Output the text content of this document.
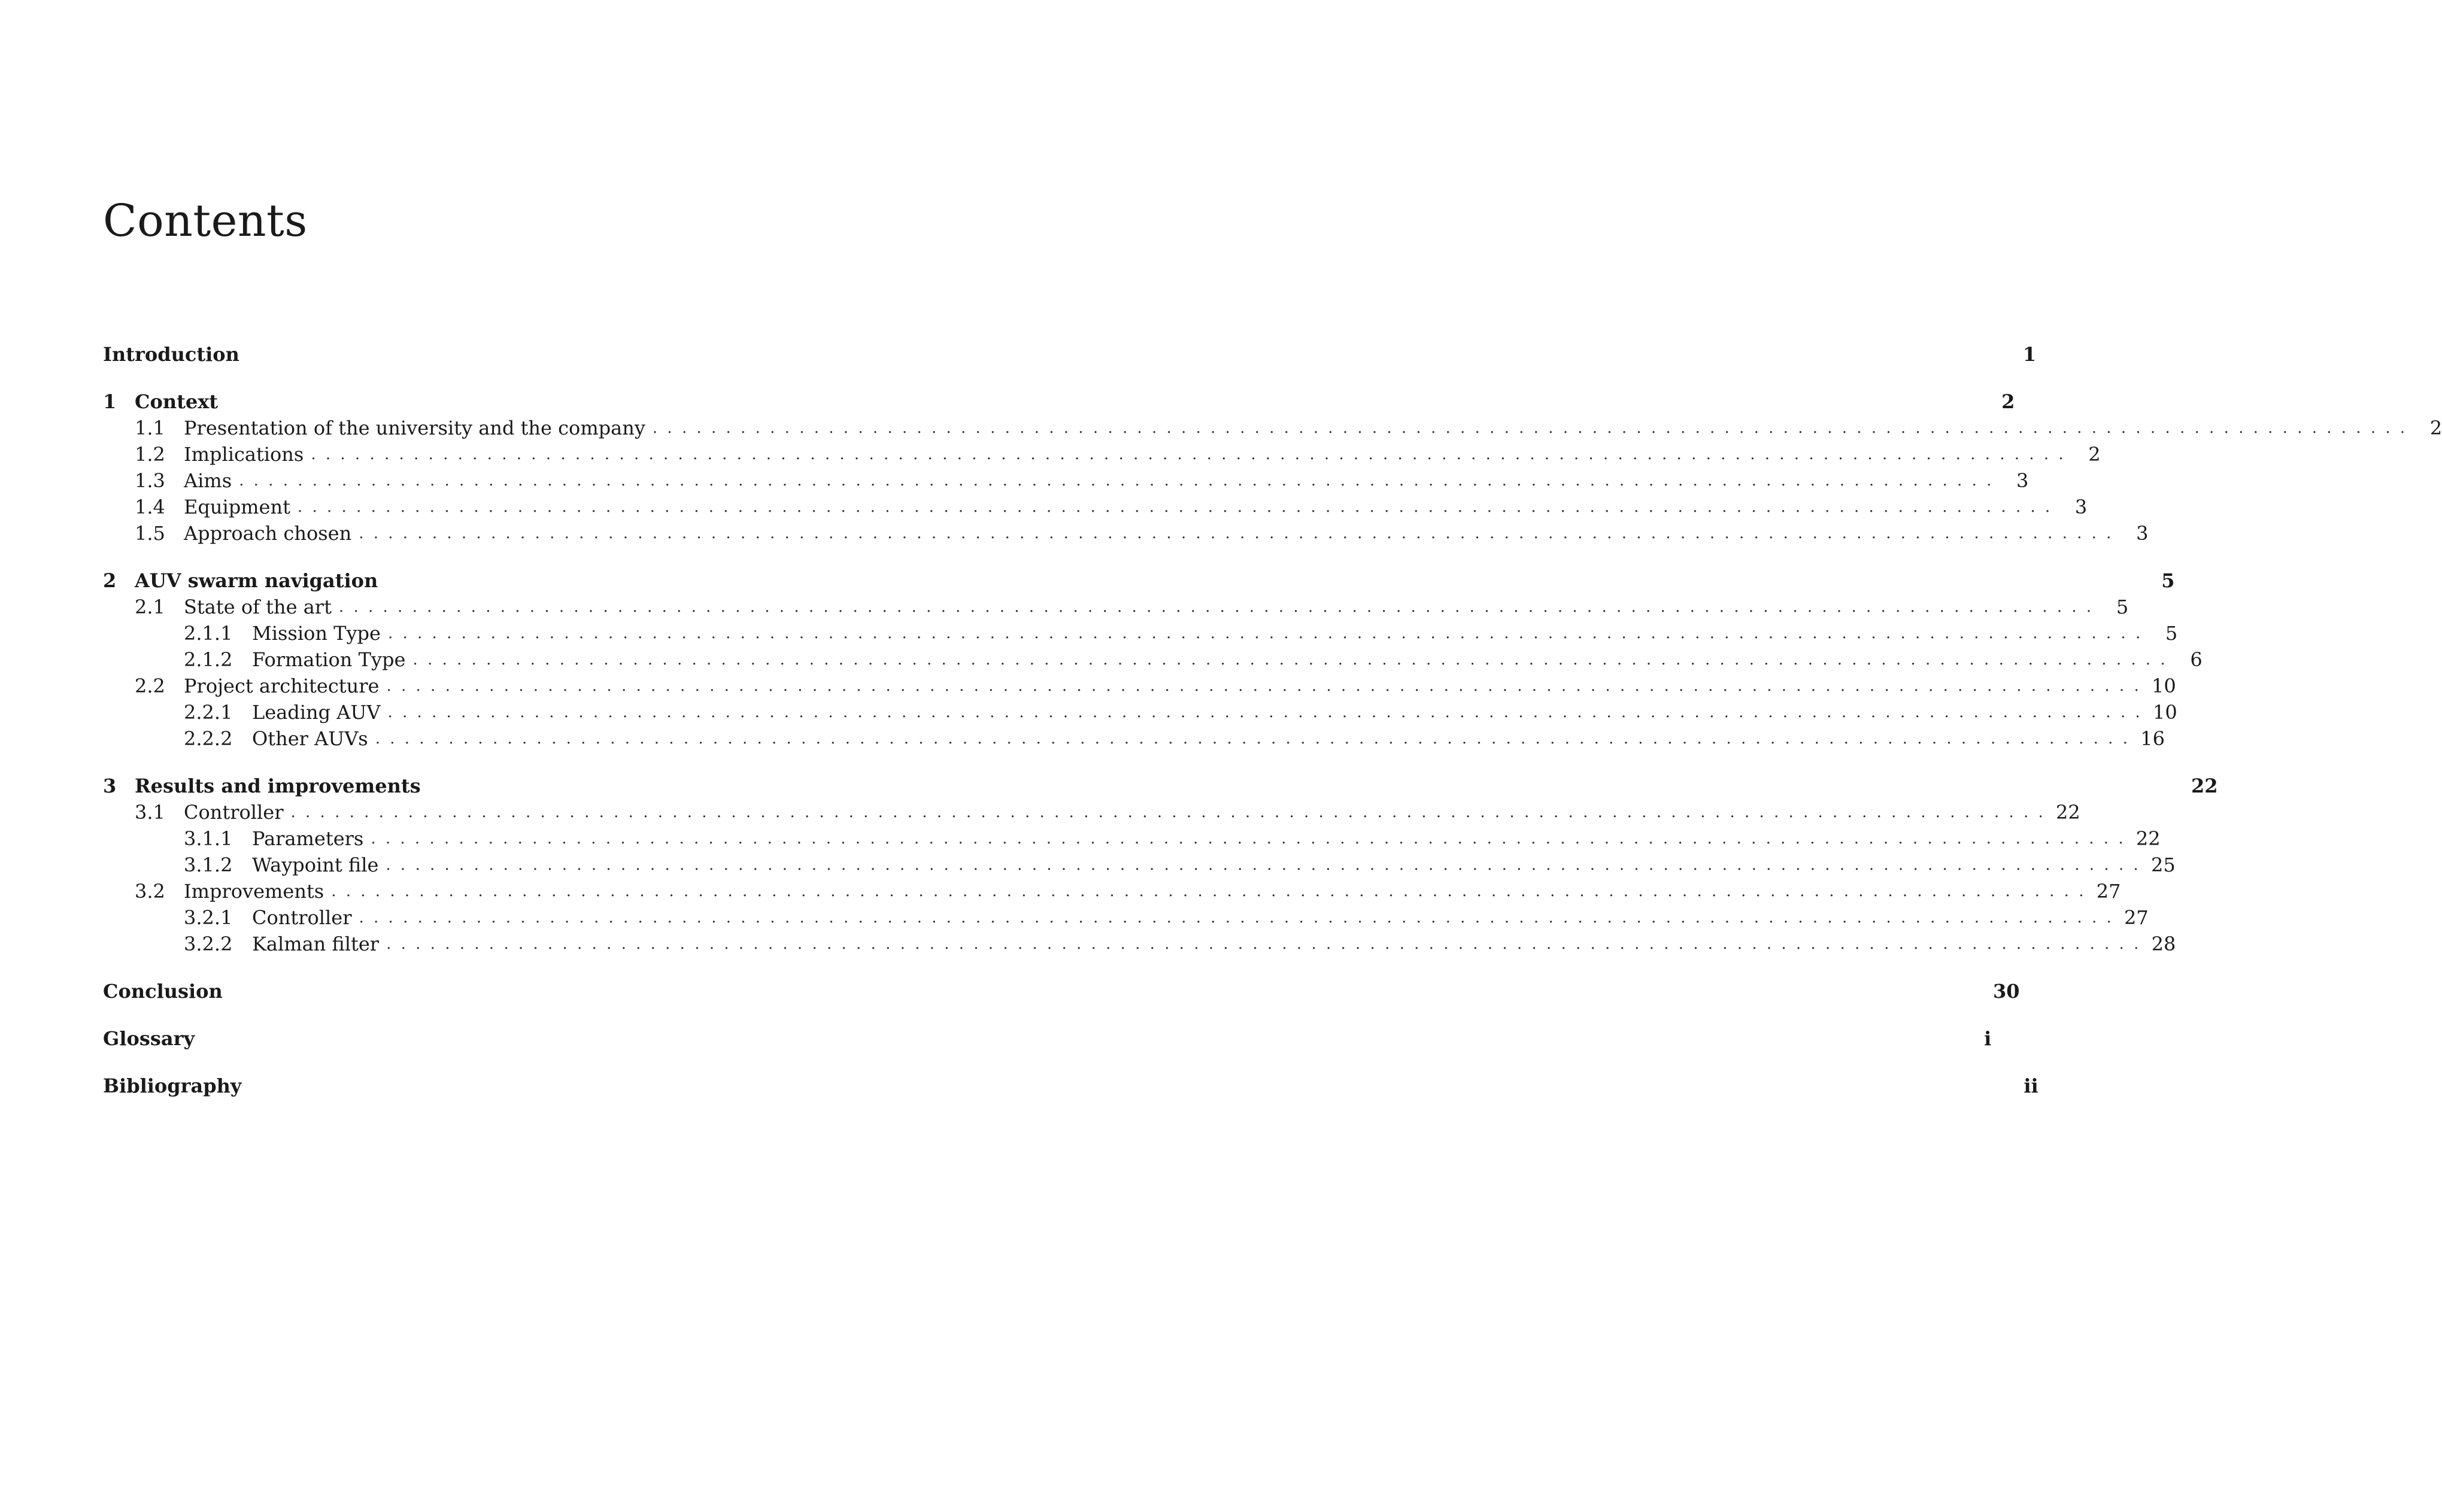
Contents
Introduction	1
1 Context	2
1.1 Presentation of the university and the company . . . . . . . . . . . . . . . . . . . . . . . . . . . . . . . . . . . . . . . . . . . . . . . . . . . . . . . . . . . . . . . . . . . . . . . . . . . . . . . . . . . . . . . . . . . . . . . . . . . . . . . . . . . . . . . . . . . . . . . .	2
1.2 Implications . . . . . . . . . . . . . . . . . . . . . . . . . . . . . . . . . . . . . . . . . . . . . . . . . . . . . . . . . . . . . . . . . . . . . . . . . . . . . . . . . . . . . . . . . . . . . . . . . . . . . . . . . . . . . . . . . . . . . . . .	2
1.3 Aims . . . . . . . . . . . . . . . . . . . . . . . . . . . . . . . . . . . . . . . . . . . . . . . . . . . . . . . . . . . . . . . . . . . . . . . . . . . . . . . . . . . . . . . . . . . . . . . . . . . . . . . . . . . . . . . . . . . . . . . .	3
1.4 Equipment . . . . . . . . . . . . . . . . . . . . . . . . . . . . . . . . . . . . . . . . . . . . . . . . . . . . . . . . . . . . . . . . . . . . . . . . . . . . . . . . . . . . . . . . . . . . . . . . . . . . . . . . . . . . . . . . . . . . . . . .	3
1.5 Approach chosen . . . . . . . . . . . . . . . . . . . . . . . . . . . . . . . . . . . . . . . . . . . . . . . . . . . . . . . . . . . . . . . . . . . . . . . . . . . . . . . . . . . . . . . . . . . . . . . . . . . . . . . . . . . . . . . . . . . . . . . .	3
2 AUV swarm navigation	5
2.1 State of the art . . . . . . . . . . . . . . . . . . . . . . . . . . . . . . . . . . . . . . . . . . . . . . . . . . . . . . . . . . . . . . . . . . . . . . . . . . . . . . . . . . . . . . . . . . . . . . . . . . . . . . . . . . . . . . . . . . . . . . . .	5
2.1.1	Mission Type . . . . . . . . . . . . . . . . . . . . . . . . . . . . . . . . . . . . . . . . . . . . . . . . . . . . . . . . . . . . . . . . . . . . . . . . . . . . . . . . . . . . . . . . . . . . . . . . . . . . . . . . . . . . . . . . . . . . . . . .	5
2.1.2	Formation Type . . . . . . . . . . . . . . . . . . . . . . . . . . . . . . . . . . . . . . . . . . . . . . . . . . . . . . . . . . . . . . . . . . . . . . . . . . . . . . . . . . . . . . . . . . . . . . . . . . . . . . . . . . . . . . . . . . . . . . . .	6
2.2 Project architecture . . . . . . . . . . . . . . . . . . . . . . . . . . . . . . . . . . . . . . . . . . . . . . . . . . . . . . . . . . . . . . . . . . . . . . . . . . . . . . . . . . . . . . . . . . . . . . . . . . . . . . . . . . . . . . . . . . . . . . . . 10
2.2.1	Leading AUV . . . . . . . . . . . . . . . . . . . . . . . . . . . . . . . . . . . . . . . . . . . . . . . . . . . . . . . . . . . . . . . . . . . . . . . . . . . . . . . . . . . . . . . . . . . . . . . . . . . . . . . . . . . . . . . . . . . . . . . . 10
2.2.2	Other AUVs . . . . . . . . . . . . . . . . . . . . . . . . . . . . . . . . . . . . . . . . . . . . . . . . . . . . . . . . . . . . . . . . . . . . . . . . . . . . . . . . . . . . . . . . . . . . . . . . . . . . . . . . . . . . . . . . . . . . . . . . 16
3 Results and improvements	22
3.1 Controller . . . . . . . . . . . . . . . . . . . . . . . . . . . . . . . . . . . . . . . . . . . . . . . . . . . . . . . . . . . . . . . . . . . . . . . . . . . . . . . . . . . . . . . . . . . . . . . . . . . . . . . . . . . . . . . . . . . . . . . . 22
3.1.1	Parameters . . . . . . . . . . . . . . . . . . . . . . . . . . . . . . . . . . . . . . . . . . . . . . . . . . . . . . . . . . . . . . . . . . . . . . . . . . . . . . . . . . . . . . . . . . . . . . . . . . . . . . . . . . . . . . . . . . . . . . . . 22
3.1.2	Waypoint file . . . . . . . . . . . . . . . . . . . . . . . . . . . . . . . . . . . . . . . . . . . . . . . . . . . . . . . . . . . . . . . . . . . . . . . . . . . . . . . . . . . . . . . . . . . . . . . . . . . . . . . . . . . . . . . . . . . . . . . . 25
3.2 Improvements . . . . . . . . . . . . . . . . . . . . . . . . . . . . . . . . . . . . . . . . . . . . . . . . . . . . . . . . . . . . . . . . . . . . . . . . . . . . . . . . . . . . . . . . . . . . . . . . . . . . . . . . . . . . . . . . . . . . . . . . 27
3.2.1	Controller . . . . . . . . . . . . . . . . . . . . . . . . . . . . . . . . . . . . . . . . . . . . . . . . . . . . . . . . . . . . . . . . . . . . . . . . . . . . . . . . . . . . . . . . . . . . . . . . . . . . . . . . . . . . . . . . . . . . . . . . 27
3.2.2	Kalman filter . . . . . . . . . . . . . . . . . . . . . . . . . . . . . . . . . . . . . . . . . . . . . . . . . . . . . . . . . . . . . . . . . . . . . . . . . . . . . . . . . . . . . . . . . . . . . . . . . . . . . . . . . . . . . . . . . . . . . . . . 28
Conclusion	30
Glossary	i
Bibliography	ii
